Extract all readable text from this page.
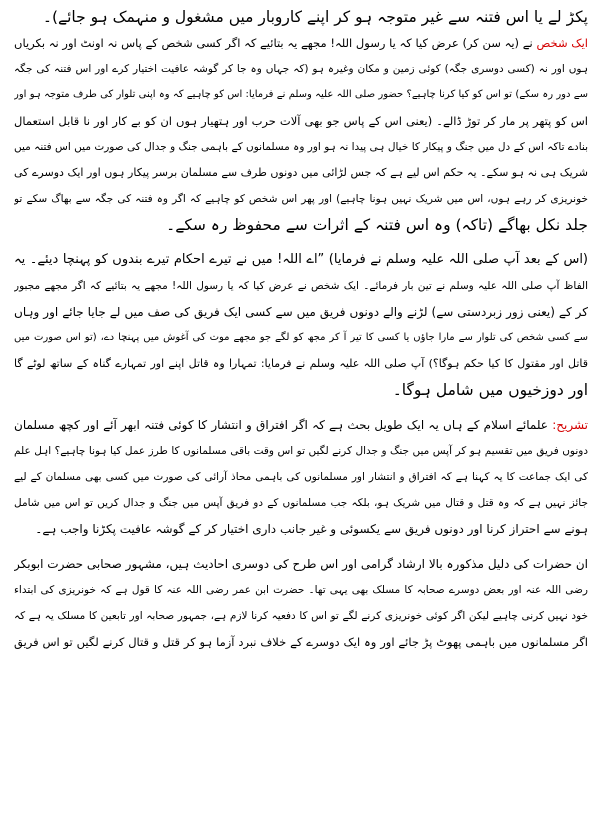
پکڑ لے یا اس فتنہ سے غیر متوجہ ہو کر اپنے کاروبار میں مشغول و منہمک ہو جائے)۔
ایک شخص نے (یہ سن کر) عرض کیا کہ یا رسول اللہ! مجھے یہ بتائیے کہ اگر کسی شخص کے پاس نہ اونٹ اور نہ بکریاں
ہوں اور نہ (کسی دوسری جگہ) کوئی زمین و مکان وغیرہ ہو (کہ جہاں وہ جا کر گوشہ عافیت اختیار کرے اور اس فتنہ کی جگہ
سے دور رہ سکے) تو اس کو کیا کرنا چاہیے؟ حضور صلی اللہ علیہ وسلم نے فرمایا: اس کو چاہیے کہ وہ اپنی تلوار کی طرف متوجہ ہو اور
اس کو پتھر پر مار کر توڑ ڈالے۔ (یعنی اس کے پاس جو بھی آلات حرب اور ہتھیار ہوں ان کو بے کار اور نا قابل استعمال
بنادے تاکہ اس کے دل میں جنگ و پیکار کا خیال ہی پیدا نہ ہو اور وہ مسلمانوں کے باہمی جنگ و جدال کی صورت میں اس فتنہ میں
شریک ہی نہ ہو سکے۔ یہ حکم اس لیے ہے کہ جس لڑائی میں دونوں طرف سے مسلمان برسر پیکار ہوں اور ایک دوسرے کی
خونریزی کر رہے ہوں، اس میں شریک نہیں ہونا چاہیے) اور پھر اس شخص کو چاہیے کہ اگر وہ فتنہ کی جگہ سے بھاگ سکے تو
جلد نکل بھاگے (تاکہ) وہ اس فتنہ کے اثرات سے محفوظ رہ سکے۔
(اس کے بعد آپ صلی اللہ علیہ وسلم نے فرمایا) ”اے اللہ! میں نے تیرے احکام تیرے بندوں کو پہنچا دیئے۔ یہ
الفاظ آپ صلی اللہ علیہ وسلم نے تین بار فرمائے۔ ایک شخص نے عرض کیا کہ یا رسول اللہ! مجھے یہ بتائیے کہ اگر مجھے مجبور
کر کے (یعنی زور زبردستی سے) لڑنے والے دونوں فریق میں سے کسی ایک فریق کی صف میں لے جایا جائے اور وہاں
سے کسی شخص کی تلوار سے مارا جاؤں یا کسی کا تیر آ کر مجھ کو لگے جو مجھے موت کی آغوش میں پہنچا دے، (تو اس صورت میں
قاتل اور مقتول کا کیا حکم ہوگا؟) آپ صلی اللہ علیہ وسلم نے فرمایا: تمہارا وہ قاتل اپنے اور تمہارے گناہ کے ساتھ لوٹے گا
اور دوزخیوں میں شامل ہوگا۔
تشریح: علمائے اسلام کے ہاں یہ ایک طویل بحث ہے کہ اگر افتراق و انتشار کا کوئی فتنہ ابھر آئے اور کچھ مسلمان
دونوں فریق میں تقسیم ہو کر آپس میں جنگ و جدال کرنے لگیں تو اس وقت باقی مسلمانوں کا طرز عمل کیا ہونا چاہیے؟ اہل علم
کی ایک جماعت کا یہ کہنا ہے کہ افتراق و انتشار اور مسلمانوں کی باہمی محاذ آرائی کی صورت میں کسی بھی مسلمان کے لیے
جائز نہیں ہے کہ وہ قتل و قتال میں شریک ہو، بلکہ جب مسلمانوں کے دو فریق آپس میں جنگ و جدال کریں تو اس میں شامل
ہونے سے احتراز کرنا اور دونوں فریق سے یکسوئی و غیر جانب داری اختیار کر کے گوشہ عافیت پکڑنا واجب ہے۔
ان حضرات کی دلیل مذکورہ بالا ارشاد گرامی اور اس طرح کی دوسری احادیث ہیں، مشہور صحابی حضرت ابوبکر
رضی اللہ عنہ اور بعض دوسرے صحابہ کا مسلک بھی یہی تھا۔ حضرت ابن عمر رضی اللہ عنہ کا قول ہے کہ خونریزی کی ابتداء
خود نہیں کرنی چاہیے لیکن اگر کوئی خونریزی کرنے لگے تو اس کا دفعیہ کرنا لازم ہے، جمہور صحابہ اور تابعین کا مسلک یہ ہے کہ
اگر مسلمانوں میں باہمی پھوٹ پڑ جائے اور وہ ایک دوسرے کے خلاف نبرد آزما ہو کر قتل و قتال کرنے لگیں تو اس فریق
